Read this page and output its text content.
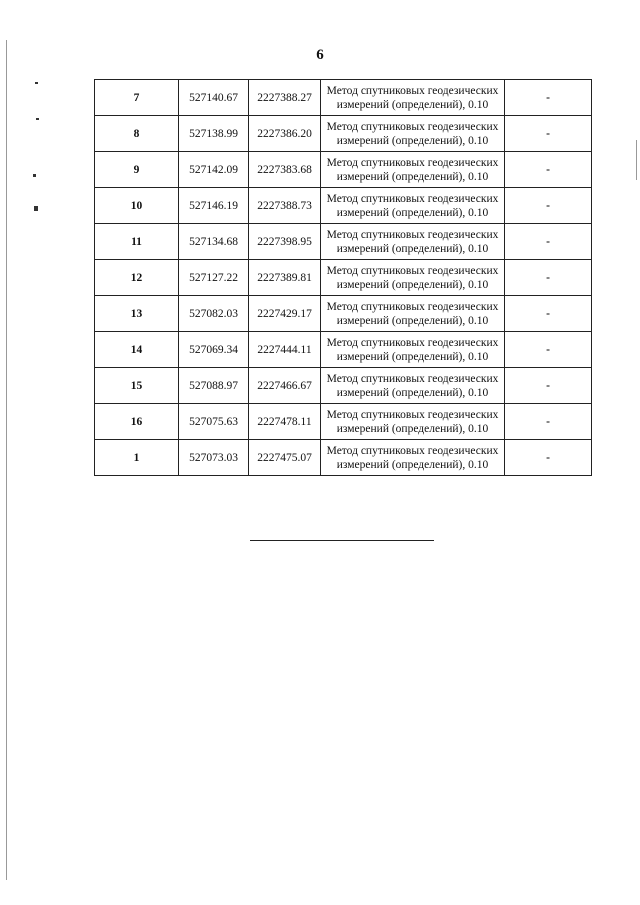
6
7	527140.67	2227388.27	Метод спутниковых геодезических
измерений (определений), 0.10	-
8	527138.99	2227386.20	Метод спутниковых геодезических
измерений (определений), 0.10	-
9	527142.09	2227383.68	Метод спутниковых геодезических
измерений (определений), 0.10	-
10	527146.19	2227388.73	Метод спутниковых геодезических
измерений (определений), 0.10	-
11	527134.68	2227398.95	Метод спутниковых геодезических
измерений (определений), 0.10	-
12	527127.22	2227389.81	Метод спутниковых геодезических
измерений (определений), 0.10	-
13	527082.03	2227429.17	Метод спутниковых геодезических
измерений (определений), 0.10	-
14	527069.34	2227444.11	Метод спутниковых геодезических
измерений (определений), 0.10	-
15	527088.97	2227466.67	Метод спутниковых геодезических
измерений (определений), 0.10	-
16	527075.63	2227478.11	Метод спутниковых геодезических
измерений (определений), 0.10	-
1	527073.03	2227475.07	Метод спутниковых геодезических
измерений (определений), 0.10	-
